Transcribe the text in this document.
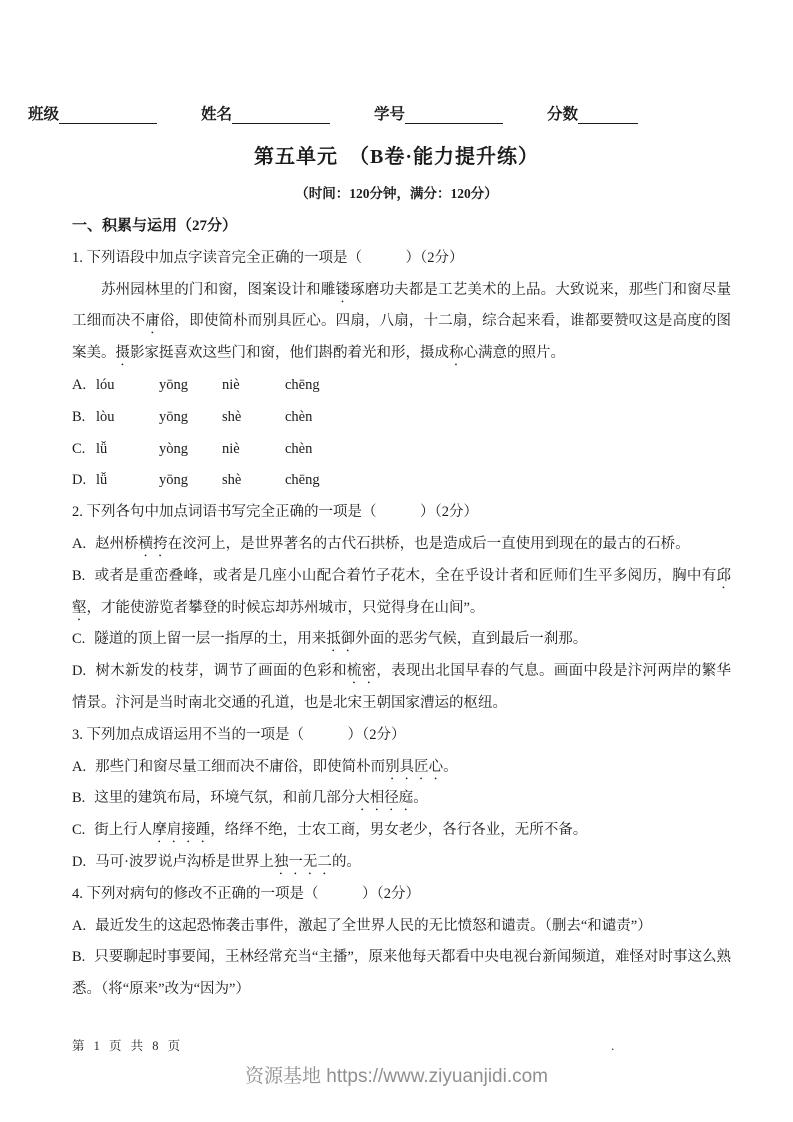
班级	姓名	学号	分数
第五单元　（B卷·能力提升练）
（时间：120分钟，满分：120分）

一、积累与运用（27分）

1. 下列语段中加点字读音完全正确的一项是（　　　）（2分）

苏州园林里的门和窗，图案设计和雕镂琢磨功夫都是工艺美术的上品。大致说来，那些门和窗尽量工细而决不庸俗，即使简朴而别具匠心。四扇，八扇，十二扇，综合起来看，谁都要赞叹这是高度的图案美。摄影家挺喜欢这些门和窗，他们斟酌着光和形，摄成称心满意的照片。

A. lóu	yōng niè	chēng

B. lòu	yōng shè	chèn

C. lǚ	yòng niè	chèn

D. lǚ	yōng shè	chēng

2. 下列各句中加点词语书写完全正确的一项是（　　　）（2分）

A. 赵州桥横挎在洨河上，是世界著名的古代石拱桥，也是造成后一直使用到现在的最古的石桥。

B. 或者是重峦叠峰，或者是几座小山配合着竹子花木，全在乎设计者和匠师们生平多阅历，胸中有邱壑，才能使游览者攀登的时候忘却苏州城市，只觉得身在山间”。

C. 隧道的顶上留一层一指厚的土，用来抵御外面的恶劣气候，直到最后一刹那。

D. 树木新发的枝芽，调节了画面的色彩和梳密，表现出北国早春的气息。画面中段是汴河两岸的繁华情景。汴河是当时南北交通的孔道，也是北宋王朝国家漕运的枢纽。

3. 下列加点成语运用不当的一项是（　　　）（2分）

A. 那些门和窗尽量工细而决不庸俗，即使简朴而别具匠心。

B. 这里的建筑布局，环境气氛，和前几部分大相径庭。

C. 街上行人摩肩接踵，络绎不绝，士农工商，男女老少，各行各业，无所不备。

D. 马可·波罗说卢沟桥是世界上独一无二的。

4. 下列对病句的修改不正确的一项是（　　　）（2分）

A. 最近发生的这起恐怖袭击事件，激起了全世界人民的无比愤怒和谴责。（删去“和谴责”）

B. 只要聊起时事要闻，王林经常充当“主播”，原来他每天都看中央电视台新闻频道，难怪对时事这么熟悉。（将“原来”改为“因为”）

第 1 页 共 8 页	.
资源基地 https://www.ziyuanjidi.com
